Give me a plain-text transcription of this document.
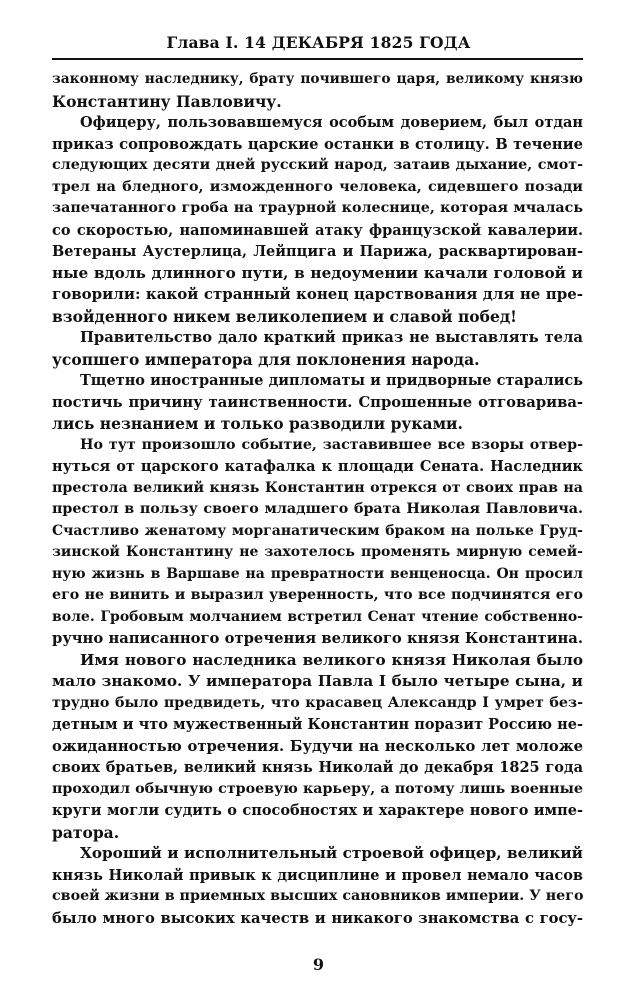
Глава I. 14 ДЕКАБРЯ 1825 ГОДА
законному наследнику, брату почившего царя, великому князю
Константину Павловичу.
Офицеру, пользовавшемуся особым доверием, был отдан
приказ сопровождать царские останки в столицу. В течение
следующих десяти дней русский народ, затаив дыхание, смот-
трел на бледного, изможденного человека, сидевшего позади
запечатанного гроба на траурной колеснице, которая мчалась
со скоростью, напоминавшей атаку французской кавалерии.
Ветераны Аустерлица, Лейпцига и Парижа, расквартирован-
ные вдоль длинного пути, в недоумении качали головой и
говорили: какой странный конец царствования для не пре-
взойденного никем великолепием и славой побед!
Правительство дало краткий приказ не выставлять тела
усопшего императора для поклонения народа.
Тщетно иностранные дипломаты и придворные старались
постичь причину таинственности. Спрошенные отговарива-
лись незнанием и только разводили руками.
Но тут произошло событие, заставившее все взоры отвер-
нуться от царского катафалка к площади Сената. Наследник
престола великий князь Константин отрекся от своих прав на
престол в пользу своего младшего брата Николая Павловича.
Счастливо женатому морганатическим браком на польке Груд-
зинской Константину не захотелось променять мирную семей-
ную жизнь в Варшаве на превратности венценосца. Он просил
его не винить и выразил уверенность, что все подчинятся его
воле. Гробовым молчанием встретил Сенат чтение собственно-
ручно написанного отречения великого князя Константина.
Имя нового наследника великого князя Николая было
мало знакомо. У императора Павла I было четыре сына, и
трудно было предвидеть, что красавец Александр I умрет без-
детным и что мужественный Константин поразит Россию не-
ожиданностью отречения. Будучи на несколько лет моложе
своих братьев, великий князь Николай до декабря 1825 года
проходил обычную строевую карьеру, а потому лишь военные
круги могли судить о способностях и характере нового импе-
ратора.
Хороший и исполнительный строевой офицер, великий
князь Николай привык к дисциплине и провел немало часов
своей жизни в приемных высших сановников империи. У него
было много высоких качеств и никакого знакомства с госу-
9
